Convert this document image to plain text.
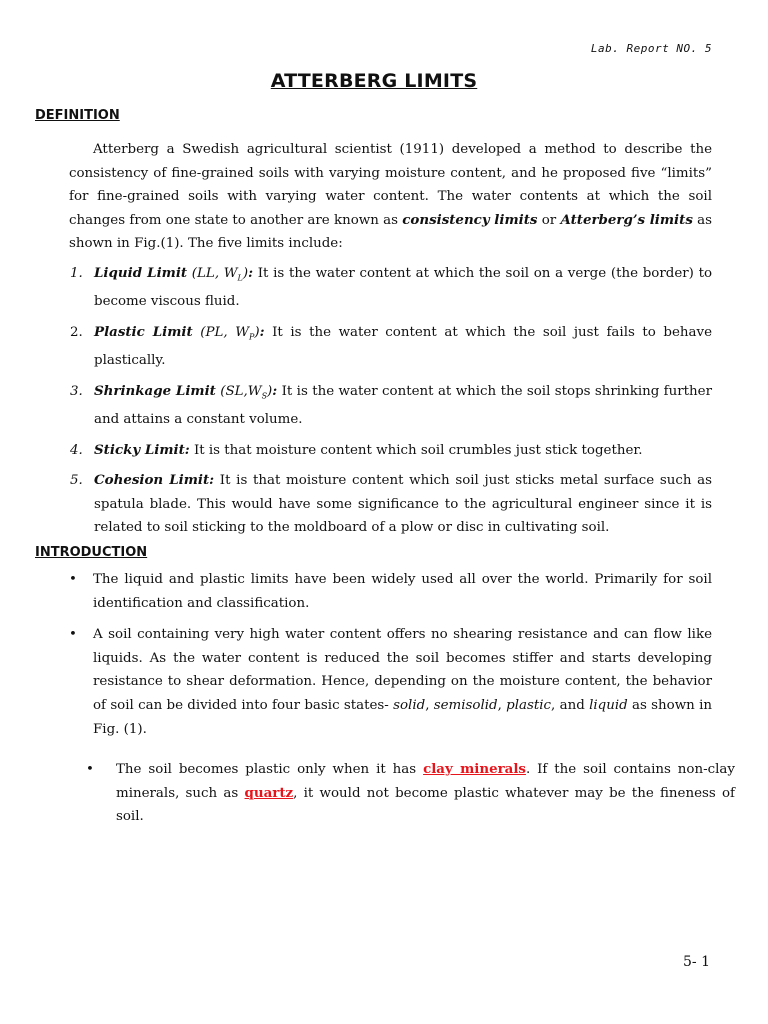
Lab. Report NO. 5
ATTERBERG LIMITS
DEFINITION
Atterberg a Swedish agricultural scientist (1911) developed a method to describe the consistency of fine-grained soils with varying moisture content, and he proposed five “limits” for fine-grained soils with varying water content. The water contents at which the soil changes from one state to another are known as consistency limits or Atterberg’s limits as shown in Fig.(1). The five limits include:
1. Liquid Limit (LL, $W_L$): It is the water content at which the soil on a verge (the border) to become viscous fluid.
2. Plastic Limit (PL, $W_P$): It is the water content at which the soil just fails to behave plastically.
3. Shrinkage Limit $(SL,W_S)$: It is the water content at which the soil stops shrinking further and attains a constant volume.
4. Sticky Limit: It is that moisture content which soil crumbles just stick together.
5. Cohesion Limit: It is that moisture content which soil just sticks metal surface such as spatula blade. This would have some significance to the agricultural engineer since it is related to soil sticking to the moldboard of a plow or disc in cultivating soil.
INTRODUCTION
• The liquid and plastic limits have been widely used all over the world. Primarily for soil identification and classification.
• A soil containing very high water content offers no shearing resistance and can flow like liquids. As the water content is reduced the soil becomes stiffer and starts developing resistance to shear deformation. Hence, depending on the moisture content, the behavior of soil can be divided into four basic states- solid, semisolid, plastic, and liquid as shown in Fig. (1).
• The soil becomes plastic only when it has clay minerals. If the soil contains non-clay minerals, such as quartz, it would not become plastic whatever may be the fineness of soil.
5- 1
